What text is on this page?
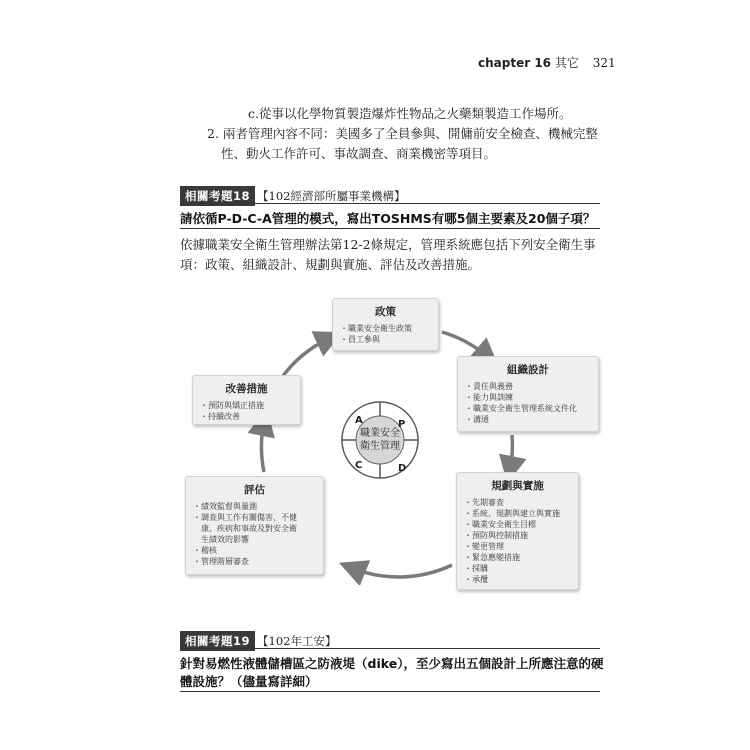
chapter 16 其它 321
c.從事以化學物質製造爆炸性物品之火藥類製造工作場所。
2. 兩者管理內容不同：美國多了全員參與、開傭前安全檢查、機械完整
性、動火工作許可、事故調查、商業機密等項目。
相關考題18 【102經濟部所屬事業機構】
請依循P-D-C-A管理的模式，寫出TOSHMS有哪5個主要素及20個子項？
依據職業安全衛生管理辦法第12-2條規定，管理系統應包括下列安全衛生事
項：政策、組織設計、規劃與實施、評估及改善措施。
A	P
C	D
職業安全
衛生管理
政策
・ 職業安全衛生政策
・ 員工參與
組織設計
・ 責任與義務
・ 能力與訓練
・ 職業安全衛生管理系統文件化
・ 溝通
規劃與實施
・ 先期審查
・ 系統、規劃與建立與實施
・ 職業安全衛生目標
・ 預防與控制措施
・ 變更管理
・ 緊急應變措施
・ 採購
・ 承攬
評估
・ 績效監督與量測
・ 調查與工作有關傷害、不健
康、疾病和事故及對安全衛
生績效的影響
・ 稽核
・ 管理階層審查
改善措施
・ 預防與矯正措施
・ 持續改善
相關考題19 【102年工安】
針對易燃性液體儲槽區之防液堤（dike），至少寫出五個設計上所應注意的硬
體設施？（儘量寫詳細）
